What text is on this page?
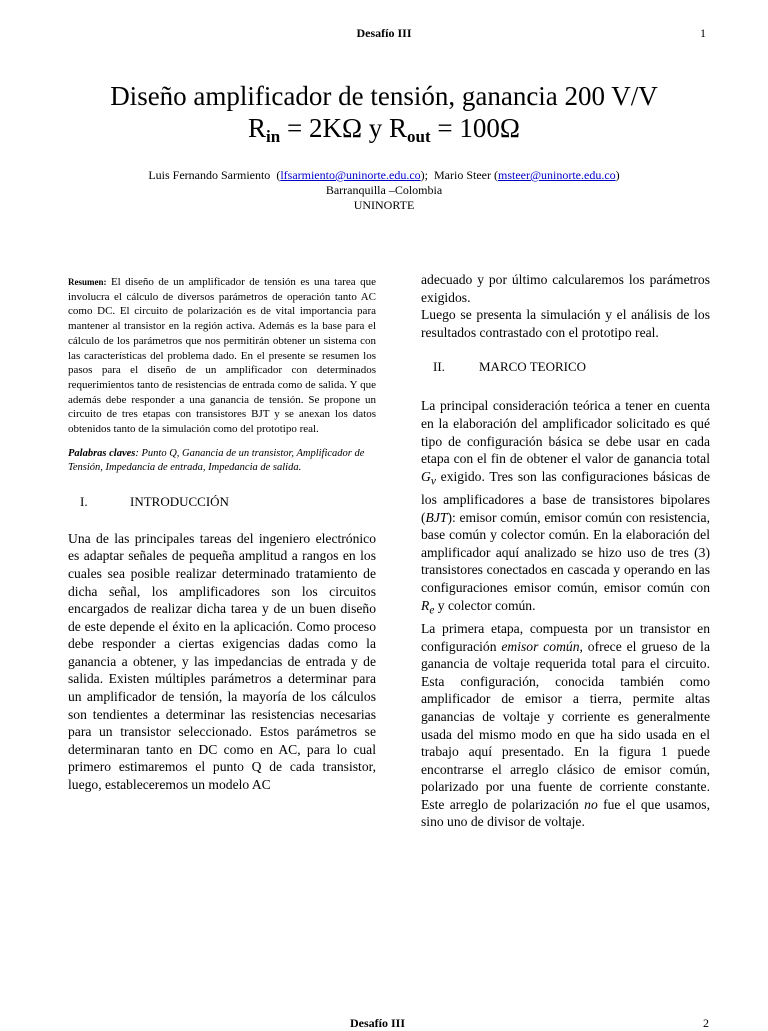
Desafío III	1
Diseño amplificador de tensión, ganancia 200 V/V
$R_{in} = 2K\Omega$ y $R_{out} = 100\Omega$
Luis Fernando Sarmiento  (lfsarmiento@uninorte.edu.co);  Mario Steer (msteer@uninorte.edu.co)
Barranquilla –Colombia
UNINORTE

Resumen: El diseño de un amplificador de tensión es una tarea que involucra el cálculo de diversos parámetros de operación tanto AC como DC. El circuito de polarización es de vital importancia para mantener al transistor en la región activa. Además es la base para el cálculo de los parámetros que nos permitirán obtener un sistema con las características del problema dado. En el presente se resumen los pasos para el diseño de un amplificador con determinados requerimientos tanto de resistencias de entrada como de salida. Y que además debe responder a una ganancia de tensión. Se propone un circuito de tres etapas con transistores BJT y se anexan los datos obtenidos tanto de la simulación como del prototipo real.

Palabras claves: Punto Q, Ganancia de un transistor, Amplificador de Tensión, Impedancia de entrada, Impedancia de salida.

I.	INTRODUCCIÓN

Una de las principales tareas del ingeniero electrónico es adaptar señales de pequeña amplitud a rangos en los cuales sea posible realizar determinado tratamiento de dicha señal, los amplificadores son los circuitos encargados de realizar dicha tarea y de un buen diseño de este depende el éxito en la aplicación. Como proceso debe responder a ciertas exigencias dadas como la ganancia a obtener, y las impedancias de entrada y de salida. Existen múltiples parámetros a determinar para un amplificador de tensión, la mayoría de los cálculos son tendientes a determinar las resistencias necesarias para un transistor seleccionado. Estos parámetros se determinaran tanto en DC como en AC, para lo cual primero estimaremos el punto Q de cada transistor, luego, estableceremos un modelo AC

adecuado y por último calcularemos los parámetros exigidos.

Luego se presenta la simulación y el análisis de los resultados contrastado con el prototipo real.

II.	MARCO TEORICO

La principal consideración teórica a tener en cuenta en la elaboración del amplificador solicitado es qué tipo de configuración básica se debe usar en cada etapa con el fin de obtener el valor de ganancia total $G_v$ exigido. Tres son las configuraciones básicas de los amplificadores a base de transistores bipolares (BJT): emisor común, emisor común con resistencia, base común y colector común. En la elaboración del amplificador aquí analizado se hizo uso de tres (3) transistores conectados en cascada y operando en las configuraciones emisor común, emisor común con $R_e$ y colector común.

La primera etapa, compuesta por un transistor en configuración emisor común, ofrece el grueso de la ganancia de voltaje requerida total para el circuito. Esta configuración, conocida también como amplificador de emisor a tierra, permite altas ganancias de voltaje y corriente es generalmente usada del mismo modo en que ha sido usada en el trabajo aquí presentado. En la figura 1 puede encontrarse el arreglo clásico de emisor común, polarizado por una fuente de corriente constante. Este arreglo de polarización no fue el que usamos, sino uno de divisor de voltaje.

Desafío III	2
